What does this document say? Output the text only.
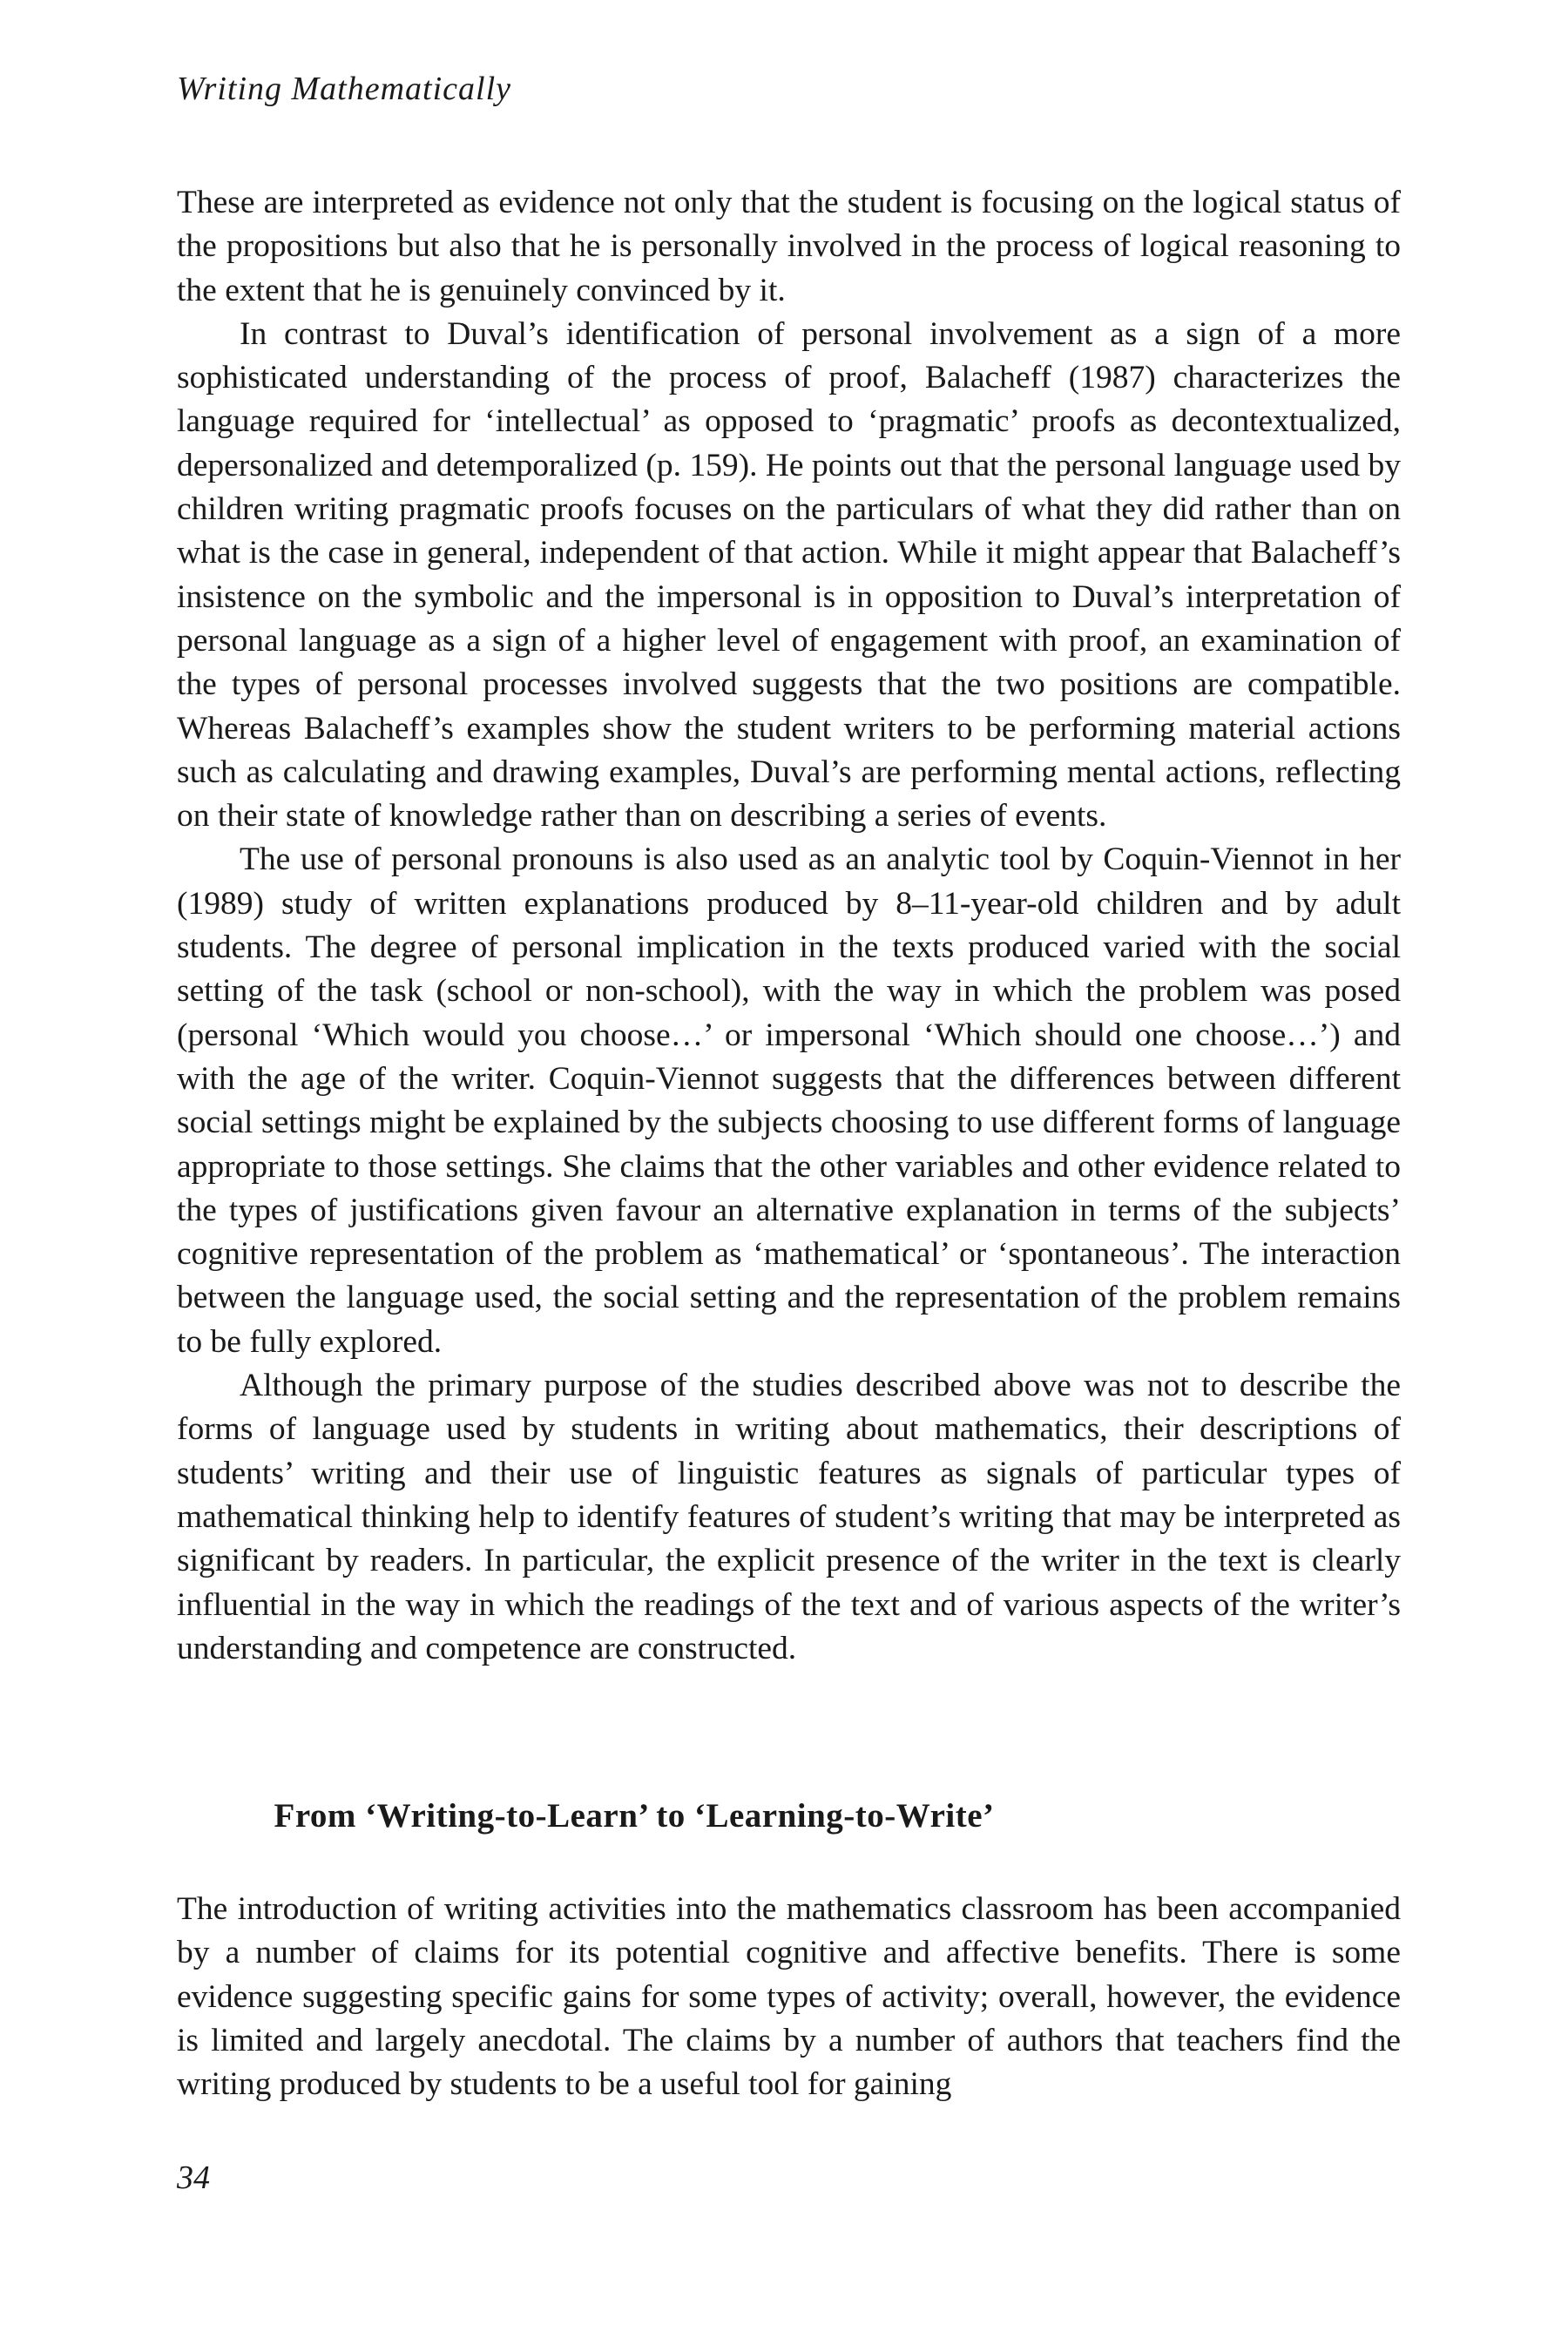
Writing Mathematically

These are interpreted as evidence not only that the student is focusing on the logical status of the propositions but also that he is personally involved in the process of logical reasoning to the extent that he is genuinely convinced by it.

In contrast to Duval’s identification of personal involvement as a sign of a more sophisticated understanding of the process of proof, Balacheff (1987) characterizes the language required for ‘intellectual’ as opposed to ‘pragmatic’ proofs as decontextualized, depersonalized and detemporalized (p. 159). He points out that the personal language used by children writing pragmatic proofs focuses on the particulars of what they did rather than on what is the case in general, independent of that action. While it might appear that Balacheff’s insistence on the symbolic and the impersonal is in opposition to Duval’s interpretation of personal language as a sign of a higher level of engagement with proof, an examination of the types of personal processes involved suggests that the two positions are compatible. Whereas Balacheff’s examples show the student writers to be performing material actions such as calculating and drawing examples, Duval’s are performing mental actions, reflecting on their state of knowledge rather than on describing a series of events.

The use of personal pronouns is also used as an analytic tool by Coquin-Viennot in her (1989) study of written explanations produced by 8–11-year-old children and by adult students. The degree of personal implication in the texts produced varied with the social setting of the task (school or non-school), with the way in which the problem was posed (personal ‘Which would you choose…’ or impersonal ‘Which should one choose…’) and with the age of the writer. Coquin-Viennot suggests that the differences between different social settings might be explained by the subjects choosing to use different forms of language appropriate to those settings. She claims that the other variables and other evidence related to the types of justifications given favour an alternative explanation in terms of the subjects’ cognitive representation of the problem as ‘mathematical’ or ‘spontaneous’. The interaction between the language used, the social setting and the representation of the problem remains to be fully explored.

Although the primary purpose of the studies described above was not to describe the forms of language used by students in writing about mathematics, their descriptions of students’ writing and their use of linguistic features as signals of particular types of mathematical thinking help to identify features of student’s writing that may be interpreted as significant by readers. In particular, the explicit presence of the writer in the text is clearly influential in the way in which the readings of the text and of various aspects of the writer’s understanding and competence are constructed.

From ‘Writing-to-Learn’ to ‘Learning-to-Write’

The introduction of writing activities into the mathematics classroom has been accompanied by a number of claims for its potential cognitive and affective benefits. There is some evidence suggesting specific gains for some types of activity; overall, however, the evidence is limited and largely anecdotal. The claims by a number of authors that teachers find the writing produced by students to be a useful tool for gaining

34
